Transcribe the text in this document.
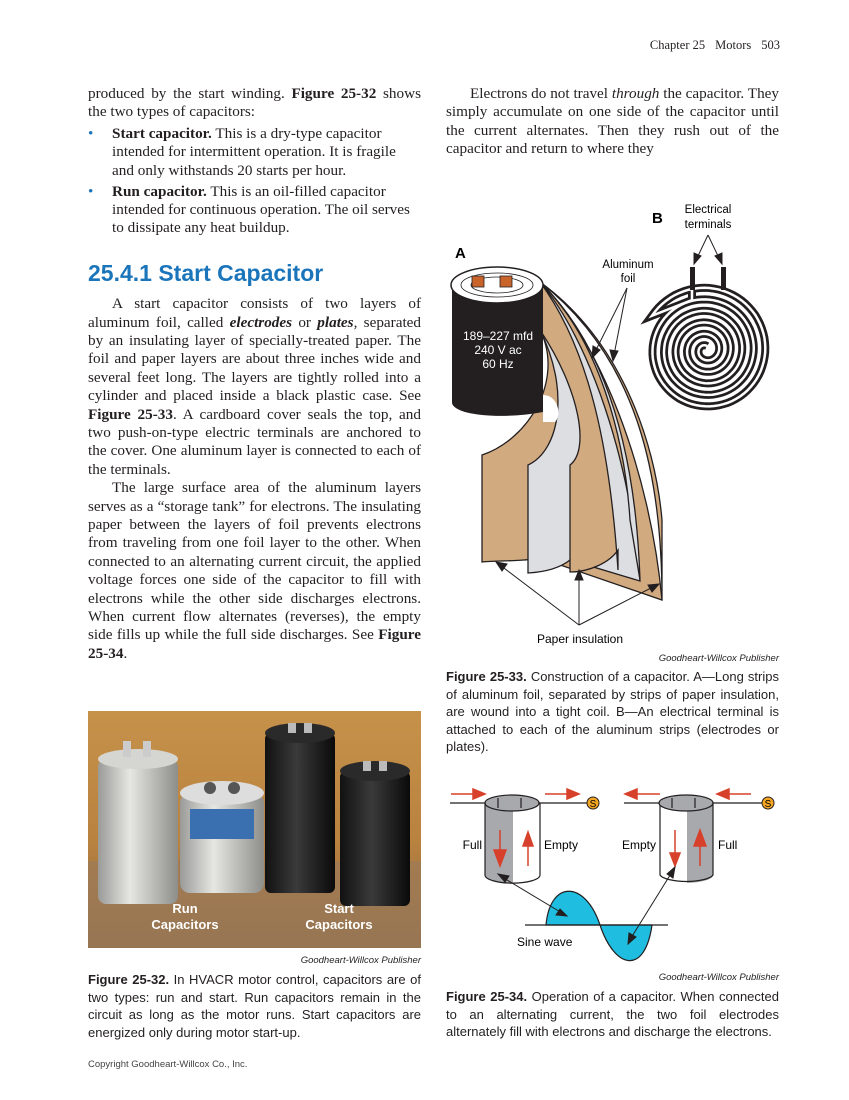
Chapter 25 Motors 503

produced by the start winding. Figure 25-32 shows the two types of capacitors:

• Start capacitor. This is a dry-type capacitor intended for intermittent operation. It is fragile and only withstands 20 starts per hour.
• Run capacitor. This is an oil-filled capacitor intended for continuous operation. The oil serves to dissipate any heat buildup.
25.4.1 Start Capacitor

A start capacitor consists of two layers of aluminum foil, called electrodes or plates, separated by an insulating layer of specially-treated paper. The foil and paper layers are about three inches wide and several feet long. The layers are tightly rolled into a cylinder and placed inside a black plastic case. See Figure 25-33. A cardboard cover seals the top, and two push-on-type electric terminals are anchored to the cover. One aluminum layer is connected to each of the terminals.

The large surface area of the aluminum layers serves as a “storage tank” for electrons. The insulating paper between the layers of foil prevents electrons from traveling from one foil layer to the other. When connected to an alternating current circuit, the applied voltage forces one side of the capacitor to fill with electrons while the other side discharges electrons. When current flow alternates (reverses), the empty side fills up while the full side discharges. See Figure 25-34.

Run
Capacitors
Start
Capacitors
Goodheart-Willcox Publisher
Figure 25-32. In HVACR motor control, capacitors are of two types: run and start. Run capacitors remain in the circuit as long as the motor runs. Start capacitors are energized only during motor start-up.
Copyright Goodheart-Willcox Co., Inc.

Electrons do not travel through the capacitor. They simply accumulate on one side of the capacitor until the current alternates. Then they rush out of the capacitor and return to where they

A
B Electrical
terminals
Aluminum
foil
189–227 mfd
240 V ac
60 Hz
Paper insulation
Goodheart-Willcox Publisher
Figure 25-33. Construction of a capacitor. A—Long strips of aluminum foil, separated by strips of paper insulation, are wound into a tight coil. B—An electrical terminal is attached to each of the aluminum strips (electrodes or plates).
Sine wave
S
Full	Empty
S
Empty	Full
Goodheart-Willcox Publisher
Figure 25-34. Operation of a capacitor. When connected to an alternating current, the two foil electrodes alternately fill with electrons and discharge the electrons.
